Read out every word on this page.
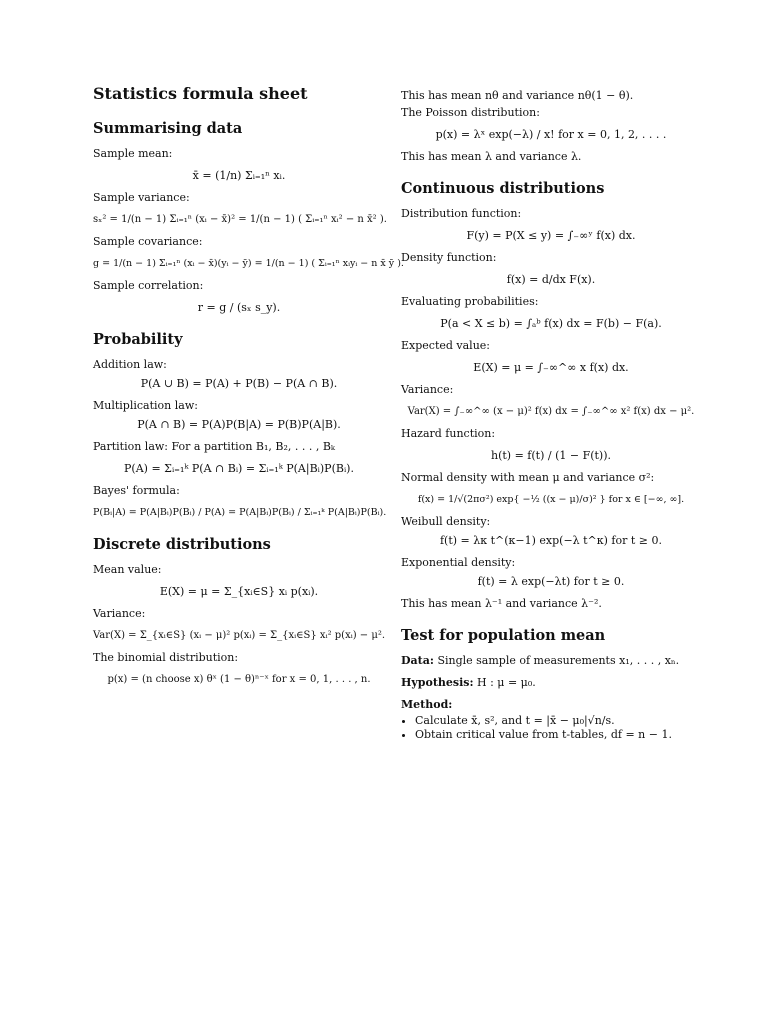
Statistics formula sheet
Summarising data
Sample mean:
x̄ = (1/n) Σᵢ₌₁ⁿ xᵢ.
Sample variance:
sₓ² = 1/(n − 1) Σᵢ₌₁ⁿ (xᵢ − x̄)² = 1/(n − 1) ( Σᵢ₌₁ⁿ xᵢ² − n x̄² ).
Sample covariance:
g = 1/(n − 1) Σᵢ₌₁ⁿ (xᵢ − x̄)(yᵢ − ȳ) = 1/(n − 1) ( Σᵢ₌₁ⁿ xᵢyᵢ − n x̄ ȳ ).
Sample correlation:
r = g / (sₓ s_y).
Probability
Addition law:
P(A ∪ B) = P(A) + P(B) − P(A ∩ B).
Multiplication law:
P(A ∩ B) = P(A)P(B|A) = P(B)P(A|B).
Partition law: For a partition B₁, B₂, . . . , Bₖ
P(A) = Σᵢ₌₁ᵏ P(A ∩ Bᵢ) = Σᵢ₌₁ᵏ P(A|Bᵢ)P(Bᵢ).
Bayes' formula:
P(Bᵢ|A) = P(A|Bᵢ)P(Bᵢ) / P(A) = P(A|Bᵢ)P(Bᵢ) / Σᵢ₌₁ᵏ P(A|Bᵢ)P(Bᵢ).
Discrete distributions
Mean value:
E(X) = μ = Σ_{xᵢ∈S} xᵢ p(xᵢ).
Variance:
Var(X) = Σ_{xᵢ∈S} (xᵢ − μ)² p(xᵢ) = Σ_{xᵢ∈S} xᵢ² p(xᵢ) − μ².
The binomial distribution:
p(x) = (n choose x) θˣ (1 − θ)ⁿ⁻ˣ for x = 0, 1, . . . , n.
This has mean nθ and variance nθ(1 − θ).
The Poisson distribution:
p(x) = λˣ exp(−λ) / x! for x = 0, 1, 2, . . . .
This has mean λ and variance λ.
Continuous distributions
Distribution function:
F(y) = P(X ≤ y) = ∫₋∞ʸ f(x) dx.
Density function:
f(x) = d/dx F(x).
Evaluating probabilities:
P(a < X ≤ b) = ∫ₐᵇ f(x) dx = F(b) − F(a).
Expected value:
E(X) = μ = ∫₋∞^∞ x f(x) dx.
Variance:
Var(X) = ∫₋∞^∞ (x − μ)² f(x) dx = ∫₋∞^∞ x² f(x) dx − μ².
Hazard function:
h(t) = f(t) / (1 − F(t)).
Normal density with mean μ and variance σ²:
f(x) = 1/√(2πσ²) exp{ −½ ((x − μ)/σ)² } for x ∈ [−∞, ∞].
Weibull density:
f(t) = λκ t^(κ−1) exp(−λ t^κ) for t ≥ 0.
Exponential density:
f(t) = λ exp(−λt) for t ≥ 0.
This has mean λ⁻¹ and variance λ⁻².
Test for population mean
Data: Single sample of measurements x₁, . . . , xₙ.
Hypothesis: H : μ = μ₀.
Method:
• Calculate x̄, s², and t = |x̄ − μ₀|√n/s.
• Obtain critical value from t-tables, df = n − 1.
